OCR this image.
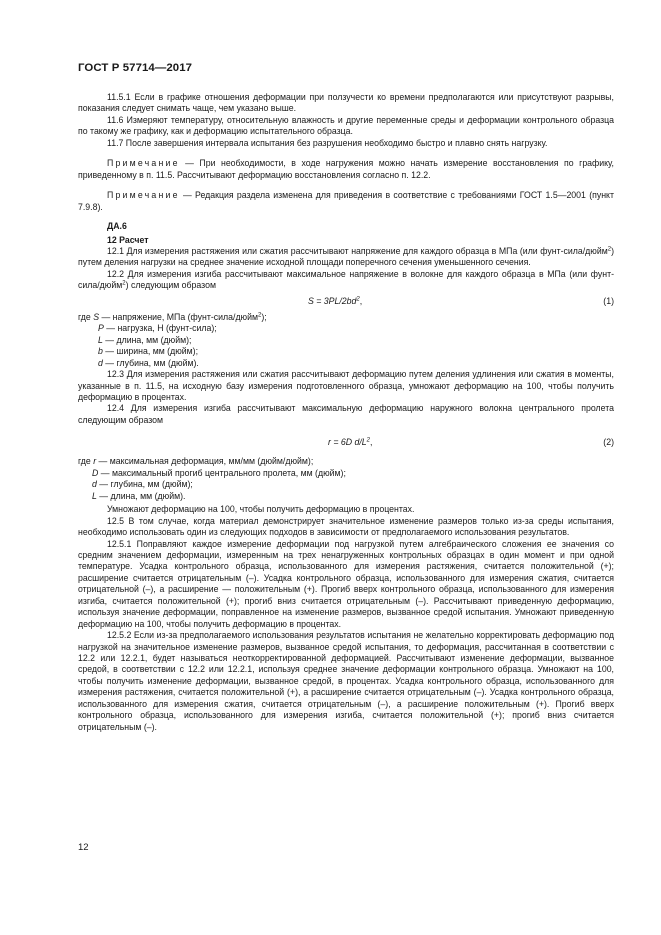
ГОСТ Р 57714—2017

11.5.1 Если в графике отношения деформации при ползучести ко времени предполагаются или присутствуют разрывы, показания следует снимать чаще, чем указано выше.

11.6 Измеряют температуру, относительную влажность и другие переменные среды и деформации контрольного образца по такому же графику, как и деформацию испытательного образца.

11.7 После завершения интервала испытания без разрушения необходимо быстро и плавно снять нагрузку.

Примечание — При необходимости, в ходе нагружения можно начать измерение восстановления по графику, приведенному в п. 11.5. Рассчитывают деформацию восстановления согласно п. 12.2.

Примечание — Редакция раздела изменена для приведения в соответствие с требованиями ГОСТ 1.5—2001 (пункт 7.9.8).

ДА.6

12 Расчет

12.1 Для измерения растяжения или сжатия рассчитывают напряжение для каждого образца в МПа (или фунт-сила/дюйм$^2$) путем деления нагрузки на среднее значение исходной площади поперечного сечения уменьшенного сечения.

12.2 Для измерения изгиба рассчитывают максимальное напряжение в волокне для каждого образца в МПа (или фунт-сила/дюйм$^2$) следующим образом

$S = 3PL/2bd^2$,	(1)

где S — напряжение, МПа (фунт-сила/дюйм$^2$);

P — нагрузка, Н (фунт-сила);

L — длина, мм (дюйм);

b — ширина, мм (дюйм);

d — глубина, мм (дюйм).

12.3 Для измерения растяжения или сжатия рассчитывают деформацию путем деления удлинения или сжатия в моменты, указанные в п. 11.5, на исходную базу измерения подготовленного образца, умножают деформацию на 100, чтобы получить деформацию в процентах.

12.4 Для измерения изгиба рассчитывают максимальную деформацию наружного волокна центрального пролета следующим образом

r = 6D $d/L^2$,	(2)

где r — максимальная деформация, мм/мм (дюйм/дюйм);

D — максимальный прогиб центрального пролета, мм (дюйм);

d — глубина, мм (дюйм);

L — длина, мм (дюйм).

Умножают деформацию на 100, чтобы получить деформацию в процентах.

12.5 В том случае, когда материал демонстрирует значительное изменение размеров только из-за среды испытания, необходимо использовать один из следующих подходов в зависимости от предполагаемого использования результатов.

12.5.1 Поправляют каждое измерение деформации под нагрузкой путем алгебраического сложения ее значения со средним значением деформации, измеренным на трех ненагруженных контрольных образцах в один момент и при одной температуре. Усадка контрольного образца, использованного для измерения растяжения, считается положительной (+); расширение считается отрицательным (–). Усадка контрольного образца, использованного для измерения сжатия, считается отрицательной (–), а расширение — положительным (+). Прогиб вверх контрольного образца, использованного для измерения изгиба, считается положительной (+); прогиб вниз считается отрицательным (–). Рассчитывают приведенную деформацию, используя значение деформации, поправленное на изменение размеров, вызванное средой испытания. Умножают приведенную деформацию на 100, чтобы получить деформацию в процентах.

12.5.2 Если из-за предполагаемого использования результатов испытания не желательно корректировать деформацию под нагрузкой на значительное изменение размеров, вызванное средой испытания, то деформация, рассчитанная в соответствии с 12.2 или 12.2.1, будет называться неоткорректированной деформацией. Рассчитывают изменение деформации, вызванное средой, в соответствии с 12.2 или 12.2.1, используя среднее значение деформации контрольного образца. Умножают на 100, чтобы получить изменение деформации, вызванное средой, в процентах. Усадка контрольного образца, использованного для измерения растяжения, считается положительной (+), а расширение считается отрицательным (–). Усадка контрольного образца, использованного для измерения сжатия, считается отрицательным (–), а расширение положительным (+). Прогиб вверх контрольного образца, использованного для измерения изгиба, считается положительной (+); прогиб вниз считается отрицательным (–).

12
